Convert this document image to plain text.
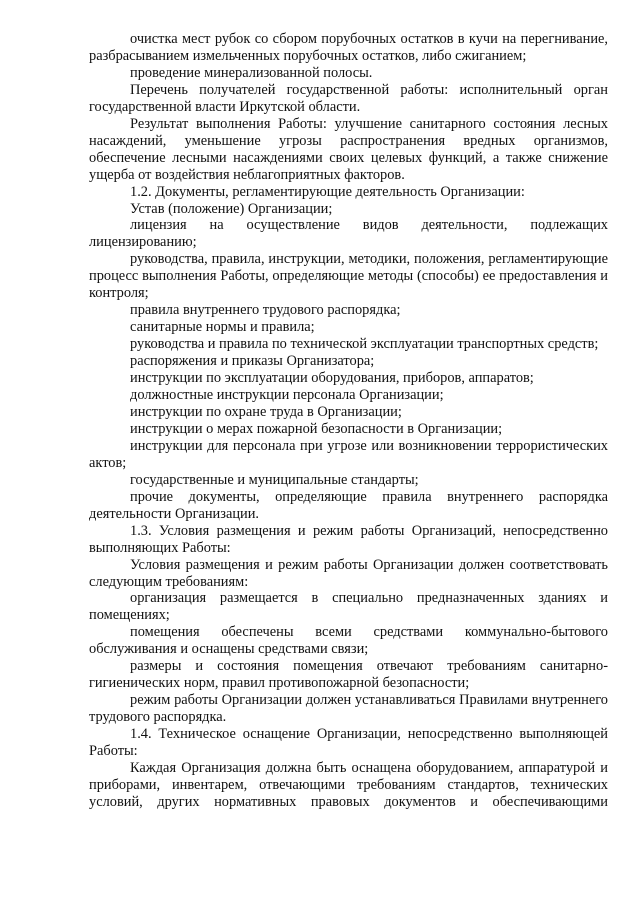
очистка мест рубок со сбором порубочных остатков в кучи на перегнивание, разбрасыванием измельченных порубочных остатков, либо сжиганием;

проведение минерализованной полосы.

Перечень получателей государственной работы: исполнительный орган государственной власти Иркутской области.

Результат выполнения Работы: улучшение санитарного состояния лесных насаждений, уменьшение угрозы распространения вредных организмов, обеспечение лесными насаждениями своих целевых функций, а также снижение ущерба от воздействия неблагоприятных факторов.

1.2. Документы, регламентирующие деятельность Организации:

Устав (положение) Организации;

лицензия на осуществление видов деятельности, подлежащих лицензированию;

руководства, правила, инструкции, методики, положения, регламентирующие процесс выполнения Работы, определяющие методы (способы) ее предоставления и контроля;

правила внутреннего трудового распорядка;

санитарные нормы и правила;

руководства и правила по технической эксплуатации транспортных средств;

распоряжения и приказы Организатора;

инструкции по эксплуатации оборудования, приборов, аппаратов;

должностные инструкции персонала Организации;

инструкции по охране труда в Организации;

инструкции о мерах пожарной безопасности в Организации;

инструкции для персонала при угрозе или возникновении террористических актов;

государственные и муниципальные стандарты;

прочие документы, определяющие правила внутреннего распорядка деятельности Организации.

1.3. Условия размещения и режим работы Организаций, непосредственно выполняющих Работы:

Условия размещения и режим работы Организации должен соответствовать следующим требованиям:

организация размещается в специально предназначенных зданиях и помещениях;

помещения обеспечены всеми средствами коммунально-бытового обслуживания и оснащены средствами связи;

размеры и состояния помещения отвечают требованиям санитарно-гигиенических норм, правил противопожарной безопасности;

режим работы Организации должен устанавливаться Правилами внутреннего трудового распорядка.

1.4. Техническое оснащение Организации, непосредственно выполняющей Работы:

Каждая Организация должна быть оснащена оборудованием, аппаратурой и приборами, инвентарем, отвечающими требованиям стандартов, технических условий, других нормативных правовых документов и обеспечивающими
